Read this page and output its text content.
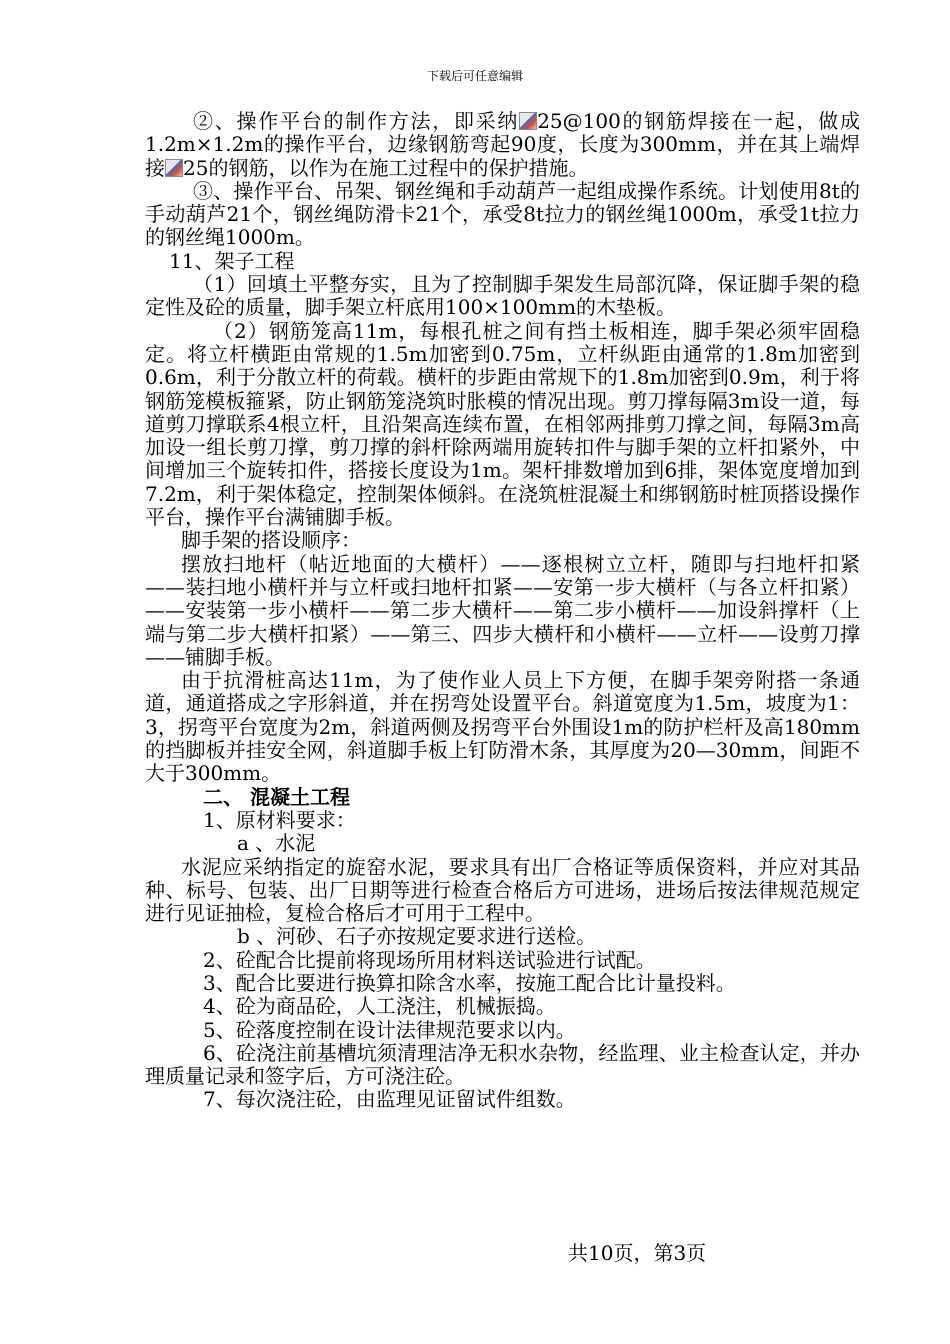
下载后可任意编辑

②、操作平台的制作方法，即采纳 25@100的钢筋焊接在一起，做成1.2m×1.2m的操作平台，边缘钢筋弯起90度，长度为300mm，并在其上端焊接 25的钢筋，以作为在施工过程中的保护措施。

③、操作平台、吊架、钢丝绳和手动葫芦一起组成操作系统。计划使用8t的手动葫芦21个，钢丝绳防滑卡21个，承受8t拉力的钢丝绳1000m，承受1t拉力的钢丝绳1000m。

11、架子工程

（1）回填土平整夯实，且为了控制脚手架发生局部沉降，保证脚手架的稳定性及砼的质量，脚手架立杆底用100×100mm的木垫板。

（2）钢筋笼高11m，每根孔桩之间有挡土板相连，脚手架必须牢固稳定。将立杆横距由常规的1.5m加密到0.75m，立杆纵距由通常的1.8m加密到0.6m，利于分散立杆的荷载。横杆的步距由常规下的1.8m加密到0.9m，利于将钢筋笼模板箍紧，防止钢筋笼浇筑时胀模的情况出现。剪刀撑每隔3m设一道，每道剪刀撑联系4根立杆，且沿架高连续布置，在相邻两排剪刀撑之间，每隔3m高加设一组长剪刀撑，剪刀撑的斜杆除两端用旋转扣件与脚手架的立杆扣紧外，中间增加三个旋转扣件，搭接长度设为1m。架杆排数增加到6排，架体宽度增加到7.2m，利于架体稳定，控制架体倾斜。在浇筑桩混凝土和绑钢筋时桩顶搭设操作平台，操作平台满铺脚手板。

脚手架的搭设顺序：

摆放扫地杆（帖近地面的大横杆）——逐根树立立杆，随即与扫地杆扣紧——装扫地小横杆并与立杆或扫地杆扣紧——安第一步大横杆（与各立杆扣紧）——安装第一步小横杆——第二步大横杆——第二步小横杆——加设斜撑杆（上端与第二步大横杆扣紧）——第三、四步大横杆和小横杆——立杆——设剪刀撑——铺脚手板。

由于抗滑桩高达11m，为了使作业人员上下方便，在脚手架旁附搭一条通道，通道搭成之字形斜道，并在拐弯处设置平台。斜道宽度为1.5m，坡度为1：3，拐弯平台宽度为2m，斜道两侧及拐弯平台外围设1m的防护栏杆及高180mm的挡脚板并挂安全网，斜道脚手板上钉防滑木条，其厚度为20—30mm，间距不大于300mm。

二、 混凝土工程

1、原材料要求：

a 、水泥

水泥应采纳指定的旋窑水泥，要求具有出厂合格证等质保资料，并应对其品种、标号、包装、出厂日期等进行检查合格后方可进场，进场后按法律规范规定进行见证抽检，复检合格后才可用于工程中。

b 、河砂、石子亦按规定要求进行送检。

2、砼配合比提前将现场所用材料送试验进行试配。

3、配合比要进行换算扣除含水率，按施工配合比计量投料。

4、砼为商品砼，人工浇注，机械振捣。

5、砼落度控制在设计法律规范要求以内。

6、砼浇注前基槽坑须清理洁净无积水杂物，经监理、业主检查认定，并办理质量记录和签字后，方可浇注砼。

7、每次浇注砼，由监理见证留试件组数。

共10页，第3页
